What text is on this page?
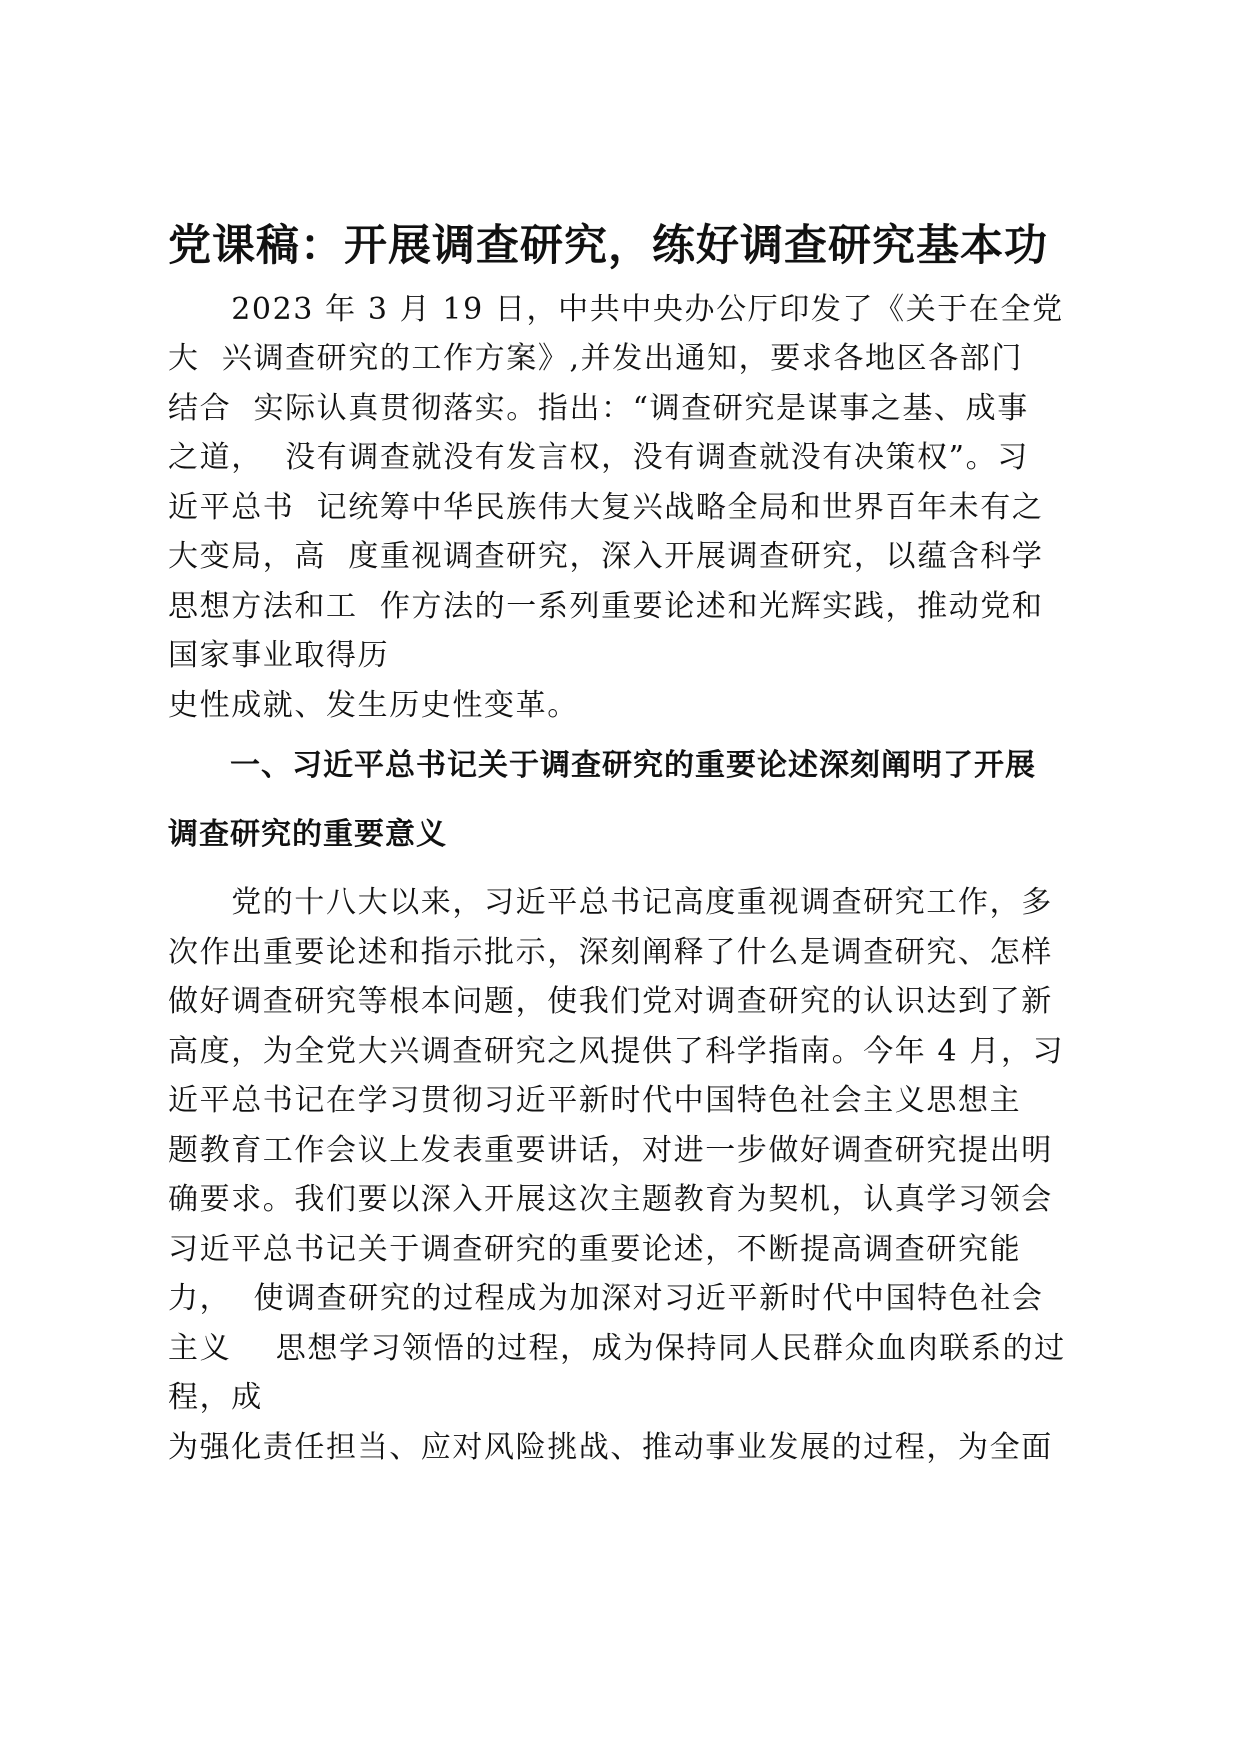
党课稿：开展调查研究，练好调查研究基本功

　　2023 年 3 月 19 日，中共中央办公厅印发了《关于在全党

大  兴调查研究的工作方案》,并发出通知，要求各地区各部门

结合  实际认真贯彻落实。指出：“调查研究是谋事之基、成事

之道，  没有调查就没有发言权，没有调查就没有决策权”。习

近平总书  记统筹中华民族伟大复兴战略全局和世界百年未有之

大变局，高  度重视调查研究，深入开展调查研究，以蕴含科学

思想方法和工  作方法的一系列重要论述和光辉实践，推动党和

国家事业取得历

史性成就、发生历史性变革。

　　一、习近平总书记关于调查研究的重要论述深刻阐明了开展
调查研究的重要意义

　　党的十八大以来，习近平总书记高度重视调查研究工作，多

次作出重要论述和指示批示，深刻阐释了什么是调查研究、怎样

做好调查研究等根本问题，使我们党对调查研究的认识达到了新

高度，为全党大兴调查研究之风提供了科学指南。今年 4 月，习

近平总书记在学习贯彻习近平新时代中国特色社会主义思想主

题教育工作会议上发表重要讲话，对进一步做好调查研究提出明

确要求。我们要以深入开展这次主题教育为契机，认真学习领会

习近平总书记关于调查研究的重要论述，不断提高调查研究能

力，  使调查研究的过程成为加深对习近平新时代中国特色社会

主义    思想学习领悟的过程，成为保持同人民群众血肉联系的过

程，成

为强化责任担当、应对风险挑战、推动事业发展的过程，为全面
